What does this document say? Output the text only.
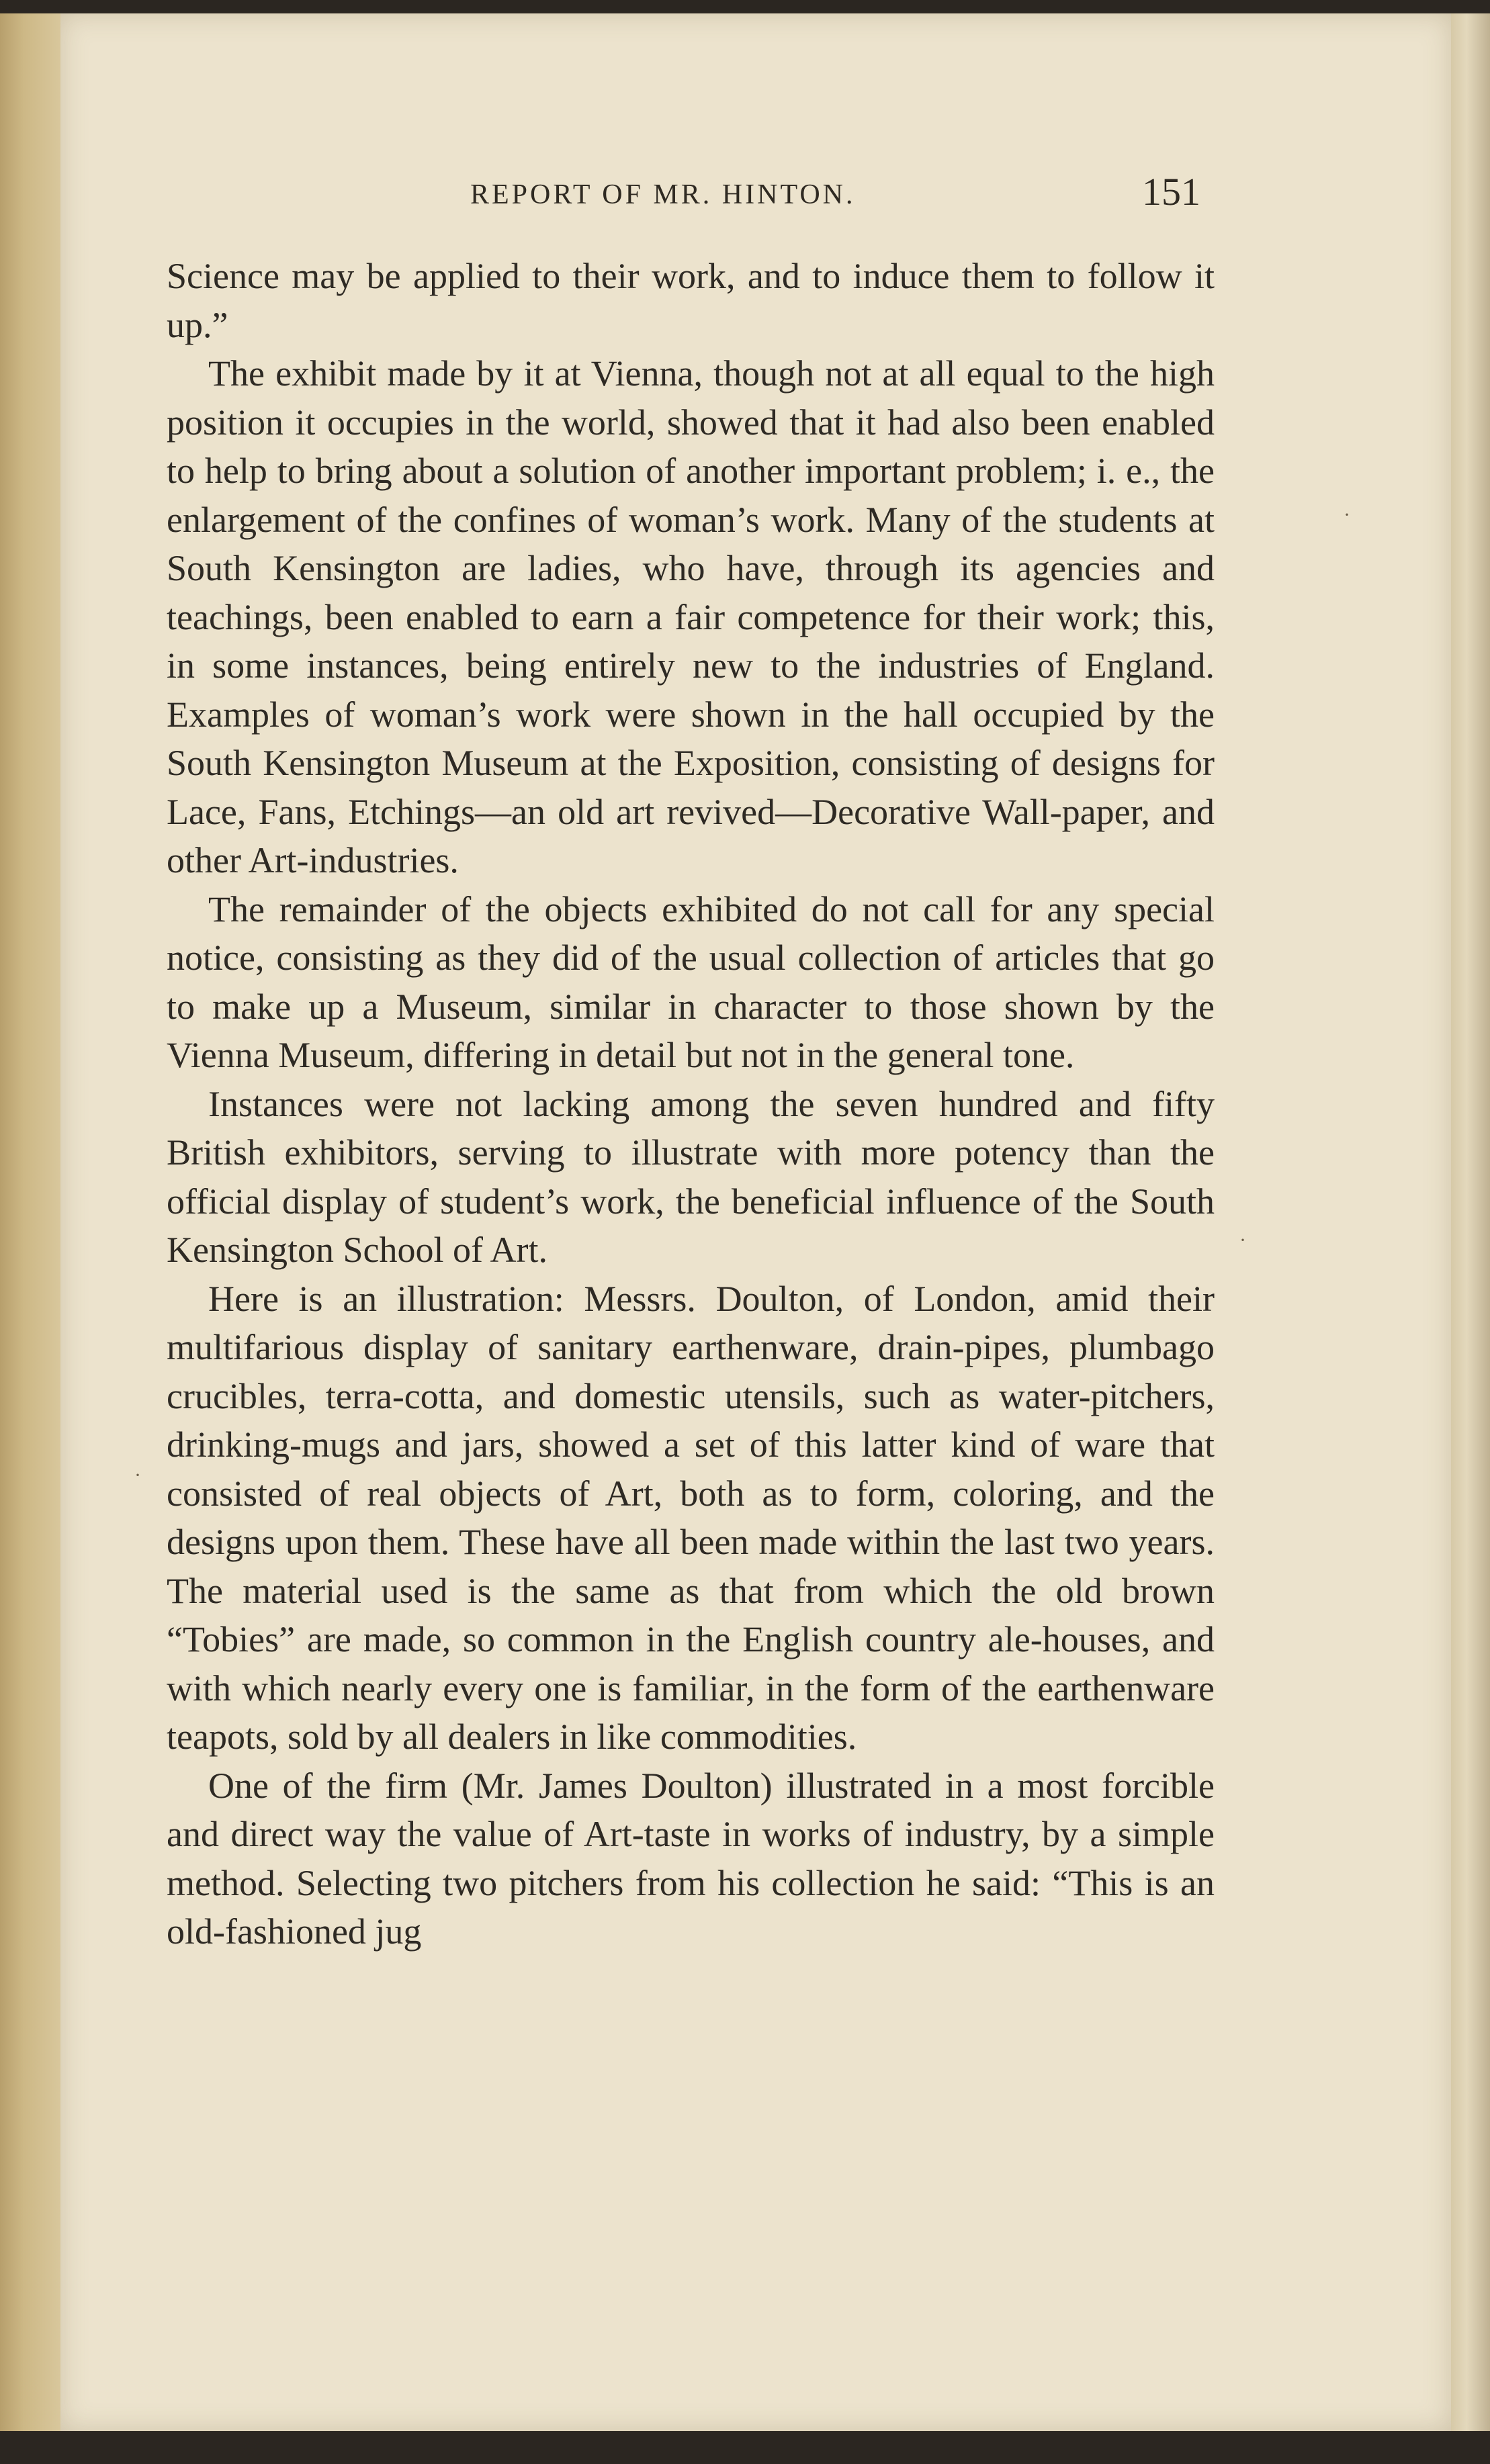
REPORT OF MR. HINTON.	151

Science may be applied to their work, and to induce them to follow it up.”

The exhibit made by it at Vienna, though not at all equal to the high position it occupies in the world, showed that it had also been enabled to help to bring about a solution of another important problem; i. e., the enlargement of the confines of woman’s work. Many of the students at South Kensington are ladies, who have, through its agencies and teachings, been enabled to earn a fair competence for their work; this, in some instances, being entirely new to the industries of England. Examples of woman’s work were shown in the hall occupied by the South Kensington Museum at the Exposition, consisting of designs for Lace, Fans, Etchings—an old art revived—Decorative Wall-paper, and other Art-industries.

The remainder of the objects exhibited do not call for any special notice, consisting as they did of the usual collection of articles that go to make up a Museum, similar in character to those shown by the Vienna Museum, differing in detail but not in the general tone.

Instances were not lacking among the seven hundred and fifty British exhibitors, serving to illustrate with more potency than the official display of student’s work, the beneficial influence of the South Kensington School of Art.

Here is an illustration: Messrs. Doulton, of London, amid their multifarious display of sanitary earthenware, drain-pipes, plumbago crucibles, terra-cotta, and domestic utensils, such as water-pitchers, drinking-mugs and jars, showed a set of this latter kind of ware that consisted of real objects of Art, both as to form, coloring, and the designs upon them. These have all been made within the last two years. The material used is the same as that from which the old brown “Tobies” are made, so common in the English country ale-houses, and with which nearly every one is familiar, in the form of the earthenware teapots, sold by all dealers in like commodities.

One of the firm (Mr. James Doulton) illustrated in a most forcible and direct way the value of Art-taste in works of industry, by a simple method. Selecting two pitchers from his collection he said: “This is an old-fashioned jug

·
·
·
